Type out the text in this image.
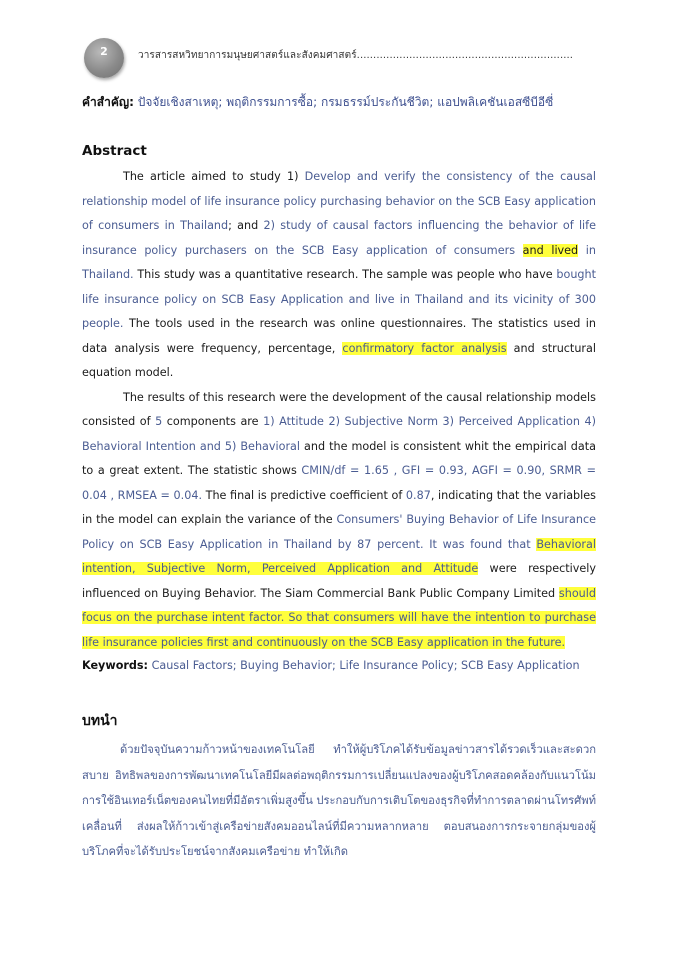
2	วารสารสหวิทยาการมนุษยศาสตร์และสังคมศาสตร์..................................................................
คำสำคัญ: ปัจจัยเชิงสาเหตุ; พฤติกรรมการซื้อ; กรมธรรม์ประกันชีวิต; แอปพลิเคชันเอสซีบีอีซี่
Abstract

The article aimed to study 1) Develop and verify the consistency of the causal relationship model of life insurance policy purchasing behavior on the SCB Easy application of consumers in Thailand; and 2) study of causal factors influencing the behavior of life insurance policy purchasers on the SCB Easy application of consumers and lived in Thailand. This study was a quantitative research. The sample was people who have bought life insurance policy on SCB Easy Application and live in Thailand and its vicinity of 300 people. The tools used in the research was online questionnaires. The statistics used in data analysis were frequency, percentage, confirmatory factor analysis and structural equation model.

The results of this research were the development of the causal relationship models consisted of 5 components are 1) Attitude 2) Subjective Norm 3) Perceived Application 4) Behavioral Intention and 5) Behavioral and the model is consistent whit the empirical data to a great extent. The statistic shows CMIN/df = 1.65 , GFI = 0.93, AGFI = 0.90, SRMR = 0.04 , RMSEA = 0.04. The final is predictive coefficient of 0.87, indicating that the variables in the model can explain the variance of the Consumers' Buying Behavior of Life Insurance Policy on SCB Easy Application in Thailand by 87 percent. It was found that Behavioral intention, Subjective Norm, Perceived Application and Attitude were respectively influenced on Buying Behavior. The Siam Commercial Bank Public Company Limited should focus on the purchase intent factor. So that consumers will have the intention to purchase life insurance policies first and continuously on the SCB Easy application in the future.

Keywords: Causal Factors; Buying Behavior; Life Insurance Policy; SCB Easy Application
บทนำ

ด้วยปัจจุบันความก้าวหน้าของเทคโนโลยี ทำให้ผู้บริโภคได้รับข้อมูลข่าวสารได้รวดเร็วและสะดวกสบาย อิทธิพลของการพัฒนาเทคโนโลยีมีผลต่อพฤติกรรมการเปลี่ยนแปลงของผู้บริโภคสอดคล้องกับแนวโน้มการใช้อินเทอร์เน็ตของคนไทยที่มีอัตราเพิ่มสูงขึ้น ประกอบกับการเติบโตของธุรกิจที่ทำการตลาดผ่านโทรศัพท์เคลื่อนที่ ส่งผลให้ก้าวเข้าสู่เครือข่ายสังคมออนไลน์ที่มีความหลากหลาย ตอบสนองการกระจายกลุ่มของผู้บริโภคที่จะได้รับประโยชน์จากสังคมเครือข่าย ทำให้เกิด
